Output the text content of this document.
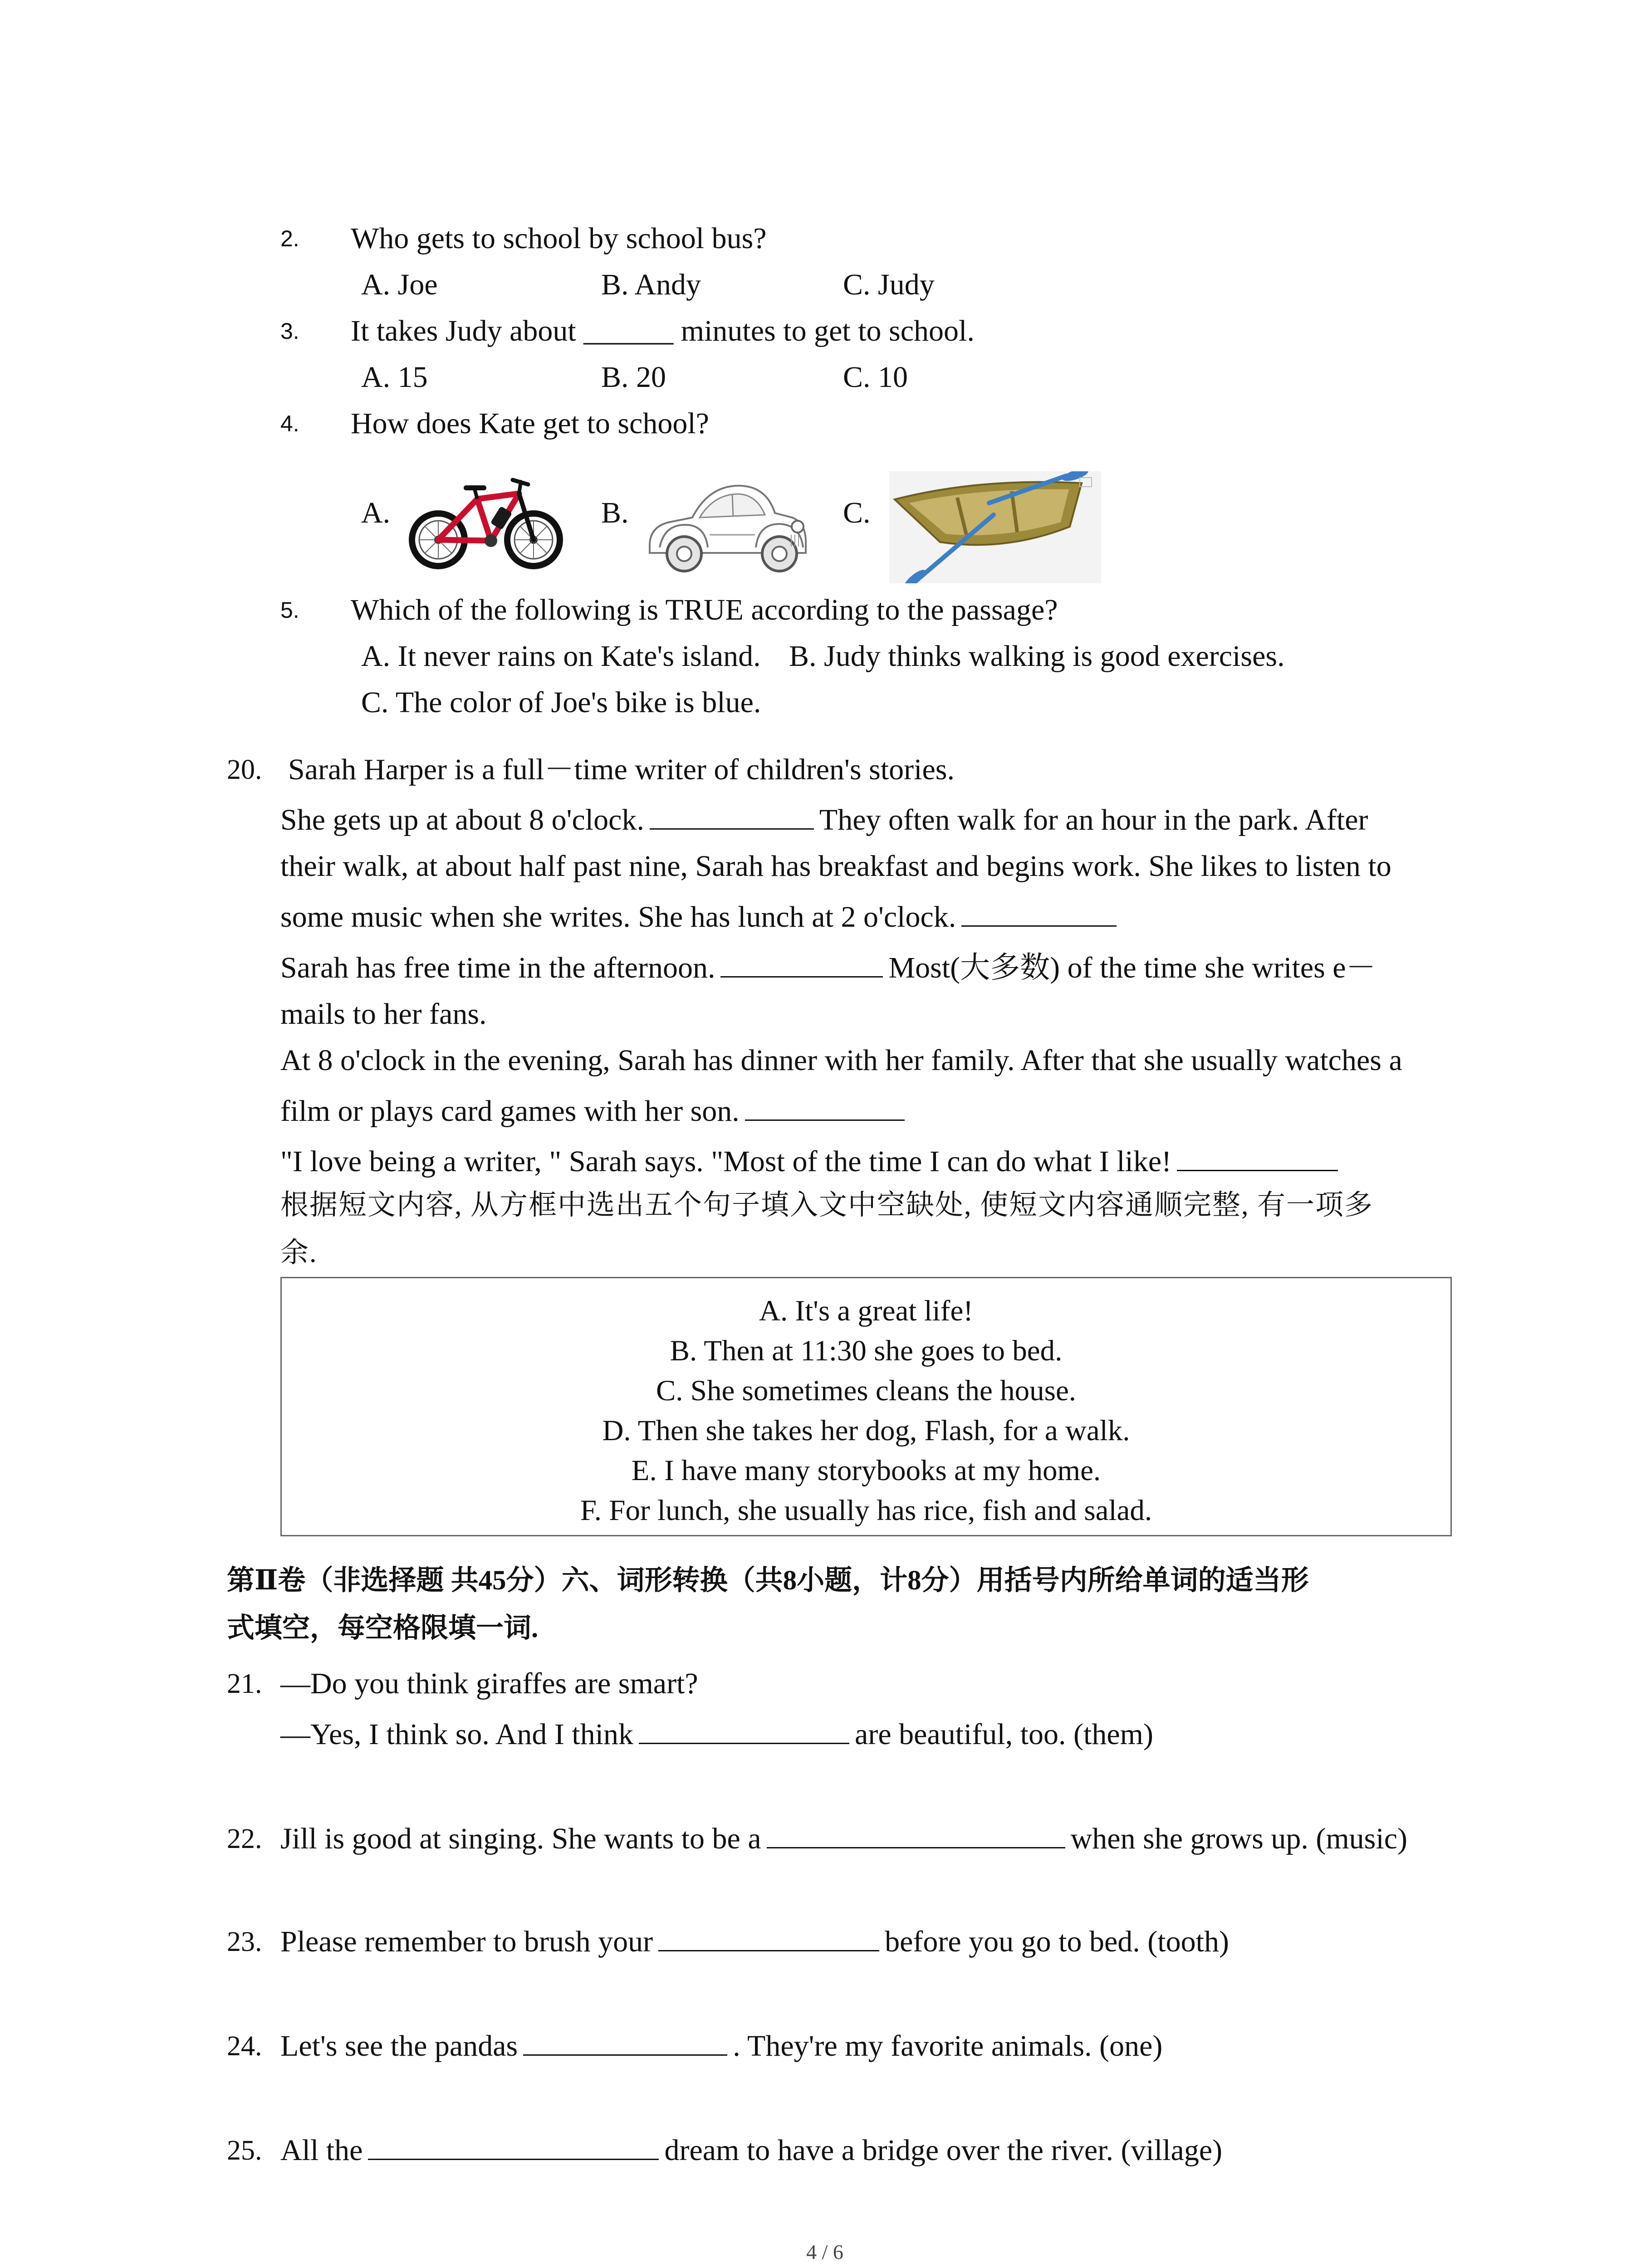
2. Who gets to school by school bus?
A. Joe	B. Andy	C. Judy
3. It takes Judy about ______ minutes to get to school.
A. 15	B. 20	C. 10
4. How does Kate get to school?
A.	B.	C.
5. Which of the following is TRUE according to the passage?
A. It never rains on Kate's island. B. Judy thinks walking is good exercises.
C. The color of Joe's bike is blue.
20. Sarah Harper is a full－time writer of children's stories.
She gets up at about 8 o'clock.	They often walk for an hour in the park. After
their walk, at about half past nine, Sarah has breakfast and begins work. She likes to listen to
some music when she writes. She has lunch at 2 o'clock.
Sarah has free time in the afternoon.	Most(大多数) of the time she writes e－
mails to her fans.
At 8 o'clock in the evening, Sarah has dinner with her family. After that she usually watches a
film or plays card games with her son.
"I love being a writer, " Sarah says. "Most of the time I can do what I like!
根据短文内容, 从方框中选出五个句子填入文中空缺处, 使短文内容通顺完整, 有一项多
余.
A. It's a great life!
B. Then at 11:30 she goes to bed.
C. She sometimes cleans the house.
D. Then she takes her dog, Flash, for a walk.
E. I have many storybooks at my home.
F. For lunch, she usually has rice, fish and salad.
第Ⅱ卷（非选择题 共45分）六、词形转换（共8小题，计8分）用括号内所给单词的适当形
式填空，每空格限填一词.
21. —Do you think giraffes are smart?
—Yes, I think so. And I think	are beautiful, too. (them)
22. Jill is good at singing. She wants to be a	when she grows up. (music)
23. Please remember to brush your	before you go to bed. (tooth)
24. Let's see the pandas	. They're my favorite animals. (one)
25. All the	dream to have a bridge over the river. (village)
4 / 6
